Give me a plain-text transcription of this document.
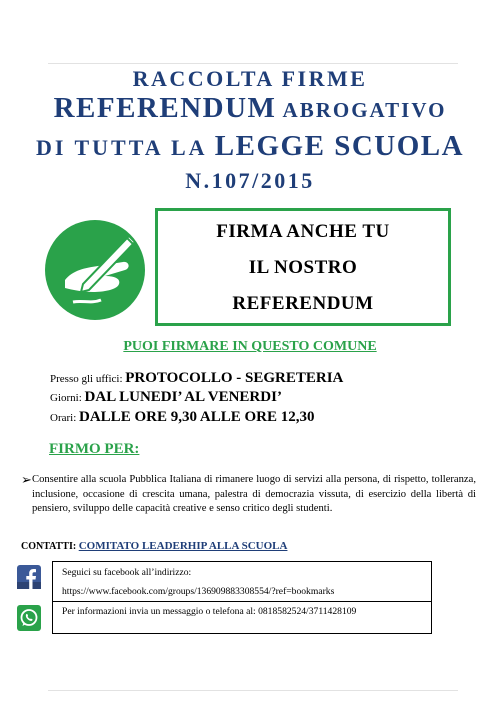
RACCOLTA FIRME
REFERENDUM ABROGATIVO
DI TUTTA LA LEGGE SCUOLA
N.107/2015
FIRMA ANCHE TU
IL NOSTRO
REFERENDUM
PUOI FIRMARE IN QUESTO COMUNE
Presso gli uffici: PROTOCOLLO - SEGRETERIA
Giorni: DAL LUNEDI’ AL VENERDI’
Orari: DALLE ORE 9,30 ALLE ORE 12,30
FIRMO PER:
➢ Consentire alla scuola Pubblica Italiana di rimanere luogo di servizi alla persona, di rispetto, tolleranza, inclusione, occasione di crescita umana, palestra di democrazia vissuta, di esercizio della libertà di pensiero, sviluppo delle capacità creative e senso critico degli studenti.
CONTATTI: COMITATO LEADERHIP ALLA SCUOLA
Seguici su facebook all’indirizzo:
https://www.facebook.com/groups/136909883308554/?ref=bookmarks
Per informazioni invia un messaggio o telefona al: 0818582524/3711428109
